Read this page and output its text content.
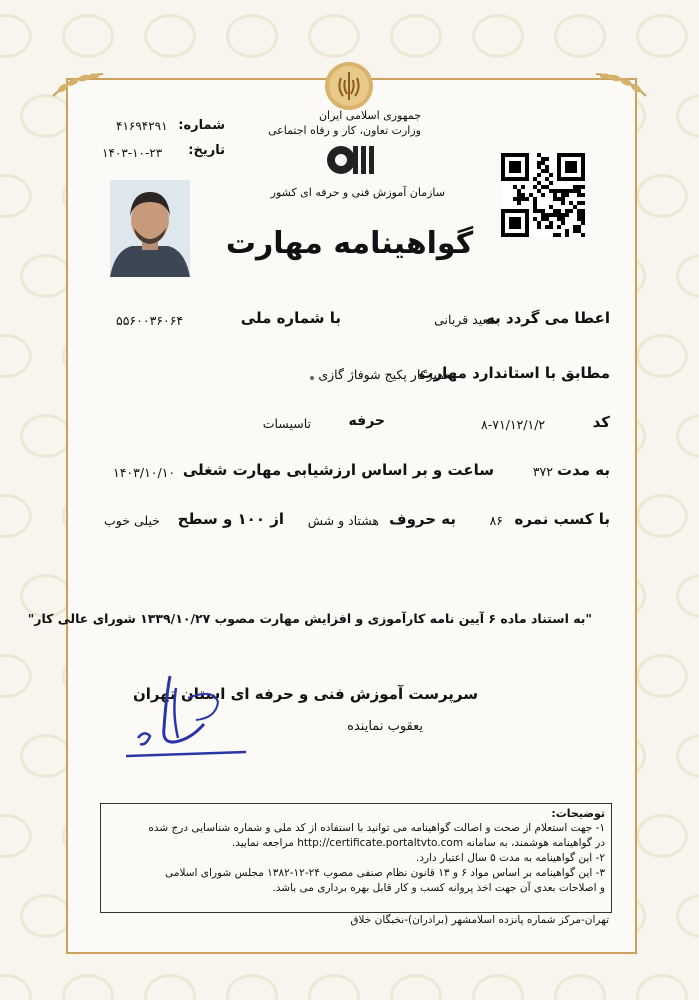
جمهوری اسلامی ایران
وزارت تعاون، کار و رفاه اجتماعی
سازمان آموزش فنی و حرفه ای کشور
شماره:
۴۱۶۹۴۲۹۱
تاریخ:
۱۴۰۳-۱۰-۲۳
گواهینامه مهارت
اعطا می گردد به
سعید قربانی
با شماره ملی
۵۵۶۰۰۳۶۰۶۴
مطابق با استاندارد مهارت
تعمیرکار پکیج شوفاژ گازی
کد
۸-۷۱/۱۲/۱/۲
حرفه
تاسیسات
به مدت
۳۷۲
ساعت و بر اساس ارزشیابی مهارت شغلی
۱۴۰۳/۱۰/۱۰
با کسب نمره
۸۶
به حروف
هشتاد و شش
از ۱۰۰ و سطح
خیلی خوب
"به استناد ماده ۶ آیین نامه کارآموزی و افزایش مهارت مصوب ۱۳۳۹/۱۰/۲۷ شورای عالی کار"
سرپرست آموزش فنی و حرفه ای استان تهران
یعقوب نماینده
توضیحات:
۱- جهت استعلام از صحت و اصالت گواهینامه می توانید با استفاده از کد ملی و شماره شناسایی درج شده
در گواهینامه هوشمند، به سامانه http://certificate.portaltvto.com مراجعه نمایید.
۲- این گواهینامه به مدت ۵ سال اعتبار دارد.
۳- این گواهینامه بر اساس مواد ۶ و ۱۳ قانون نظام صنفی مصوب ۲۴-۱۲-۱۳۸۲ مجلس شورای اسلامی
و اصلاحات بعدی آن جهت اخذ پروانه کسب و کار قابل بهره برداری می باشد.
تهران-مرکز شماره پانزده اسلامشهر (برادران)-نخبگان خلاق
